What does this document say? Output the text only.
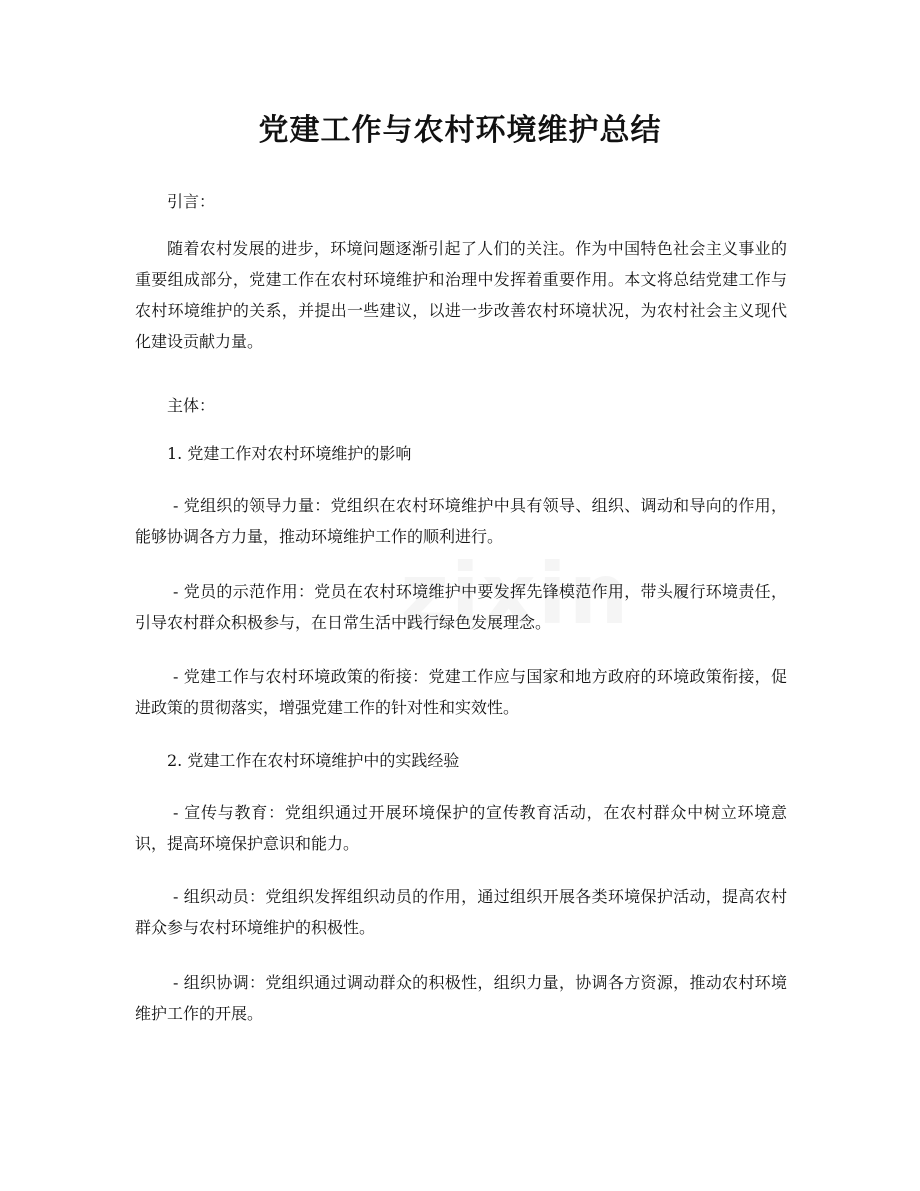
党建工作与农村环境维护总结

引言：

随着农村发展的进步，环境问题逐渐引起了人们的关注。作为中国特色社会主义事业的重要组成部分，党建工作在农村环境维护和治理中发挥着重要作用。本文将总结党建工作与农村环境维护的关系，并提出一些建议，以进一步改善农村环境状况，为农村社会主义现代化建设贡献力量。

主体：

1. 党建工作对农村环境维护的影响

- 党组织的领导力量：党组织在农村环境维护中具有领导、组织、调动和导向的作用，能够协调各方力量，推动环境维护工作的顺利进行。

- 党员的示范作用：党员在农村环境维护中要发挥先锋模范作用，带头履行环境责任，引导农村群众积极参与，在日常生活中践行绿色发展理念。

- 党建工作与农村环境政策的衔接：党建工作应与国家和地方政府的环境政策衔接，促进政策的贯彻落实，增强党建工作的针对性和实效性。

2. 党建工作在农村环境维护中的实践经验

- 宣传与教育：党组织通过开展环境保护的宣传教育活动，在农村群众中树立环境意识，提高环境保护意识和能力。

- 组织动员：党组织发挥组织动员的作用，通过组织开展各类环境保护活动，提高农村群众参与农村环境维护的积极性。

- 组织协调：党组织通过调动群众的积极性，组织力量，协调各方资源，推动农村环境维护工作的开展。
